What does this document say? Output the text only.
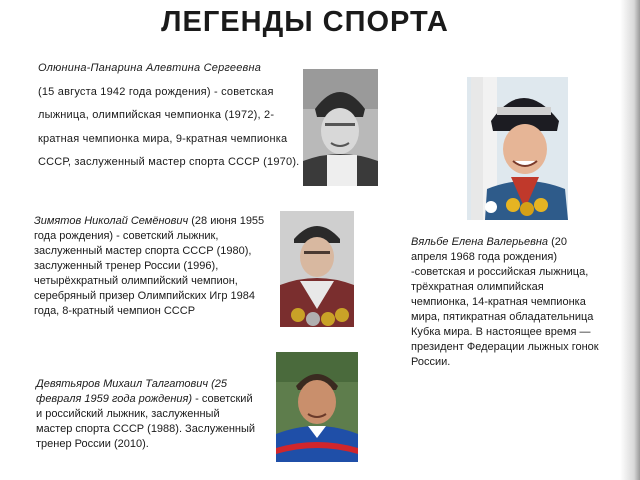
ЛЕГЕНДЫ СПОРТА
Олюнина-Панарина Алевтина Сергеевна
(15 августа 1942 года рождения) - советская лыжница, олимпийская чемпионка (1972), 2-кратная чемпионка мира, 9-кратная чемпионка СССР, заслуженный мастер спорта СССР (1970).
Зимятов Николай Семёнович (28 июня 1955 года рождения) - советский лыжник, заслуженный мастер спорта СССР (1980), заслуженный тренер России (1996), четырёхкратный олимпийский чемпион, серебряный призер Олимпийских Игр 1984 года, 8-кратный чемпион СССР
Вяльбе Елена Валерьевна (20 апреля 1968 года рождения) -советская и российская лыжница, трёхкратная олимпийская чемпионка, 14-кратная чемпионка мира, пятикратная обладательница Кубка мира. В настоящее время — президент Федерации лыжных гонок России.
Девятьяров Михаил Талгатович (25 февраля 1959 года рождения) - советский и российский лыжник, заслуженный мастер спорта СССР (1988). Заслуженный тренер России (2010).
